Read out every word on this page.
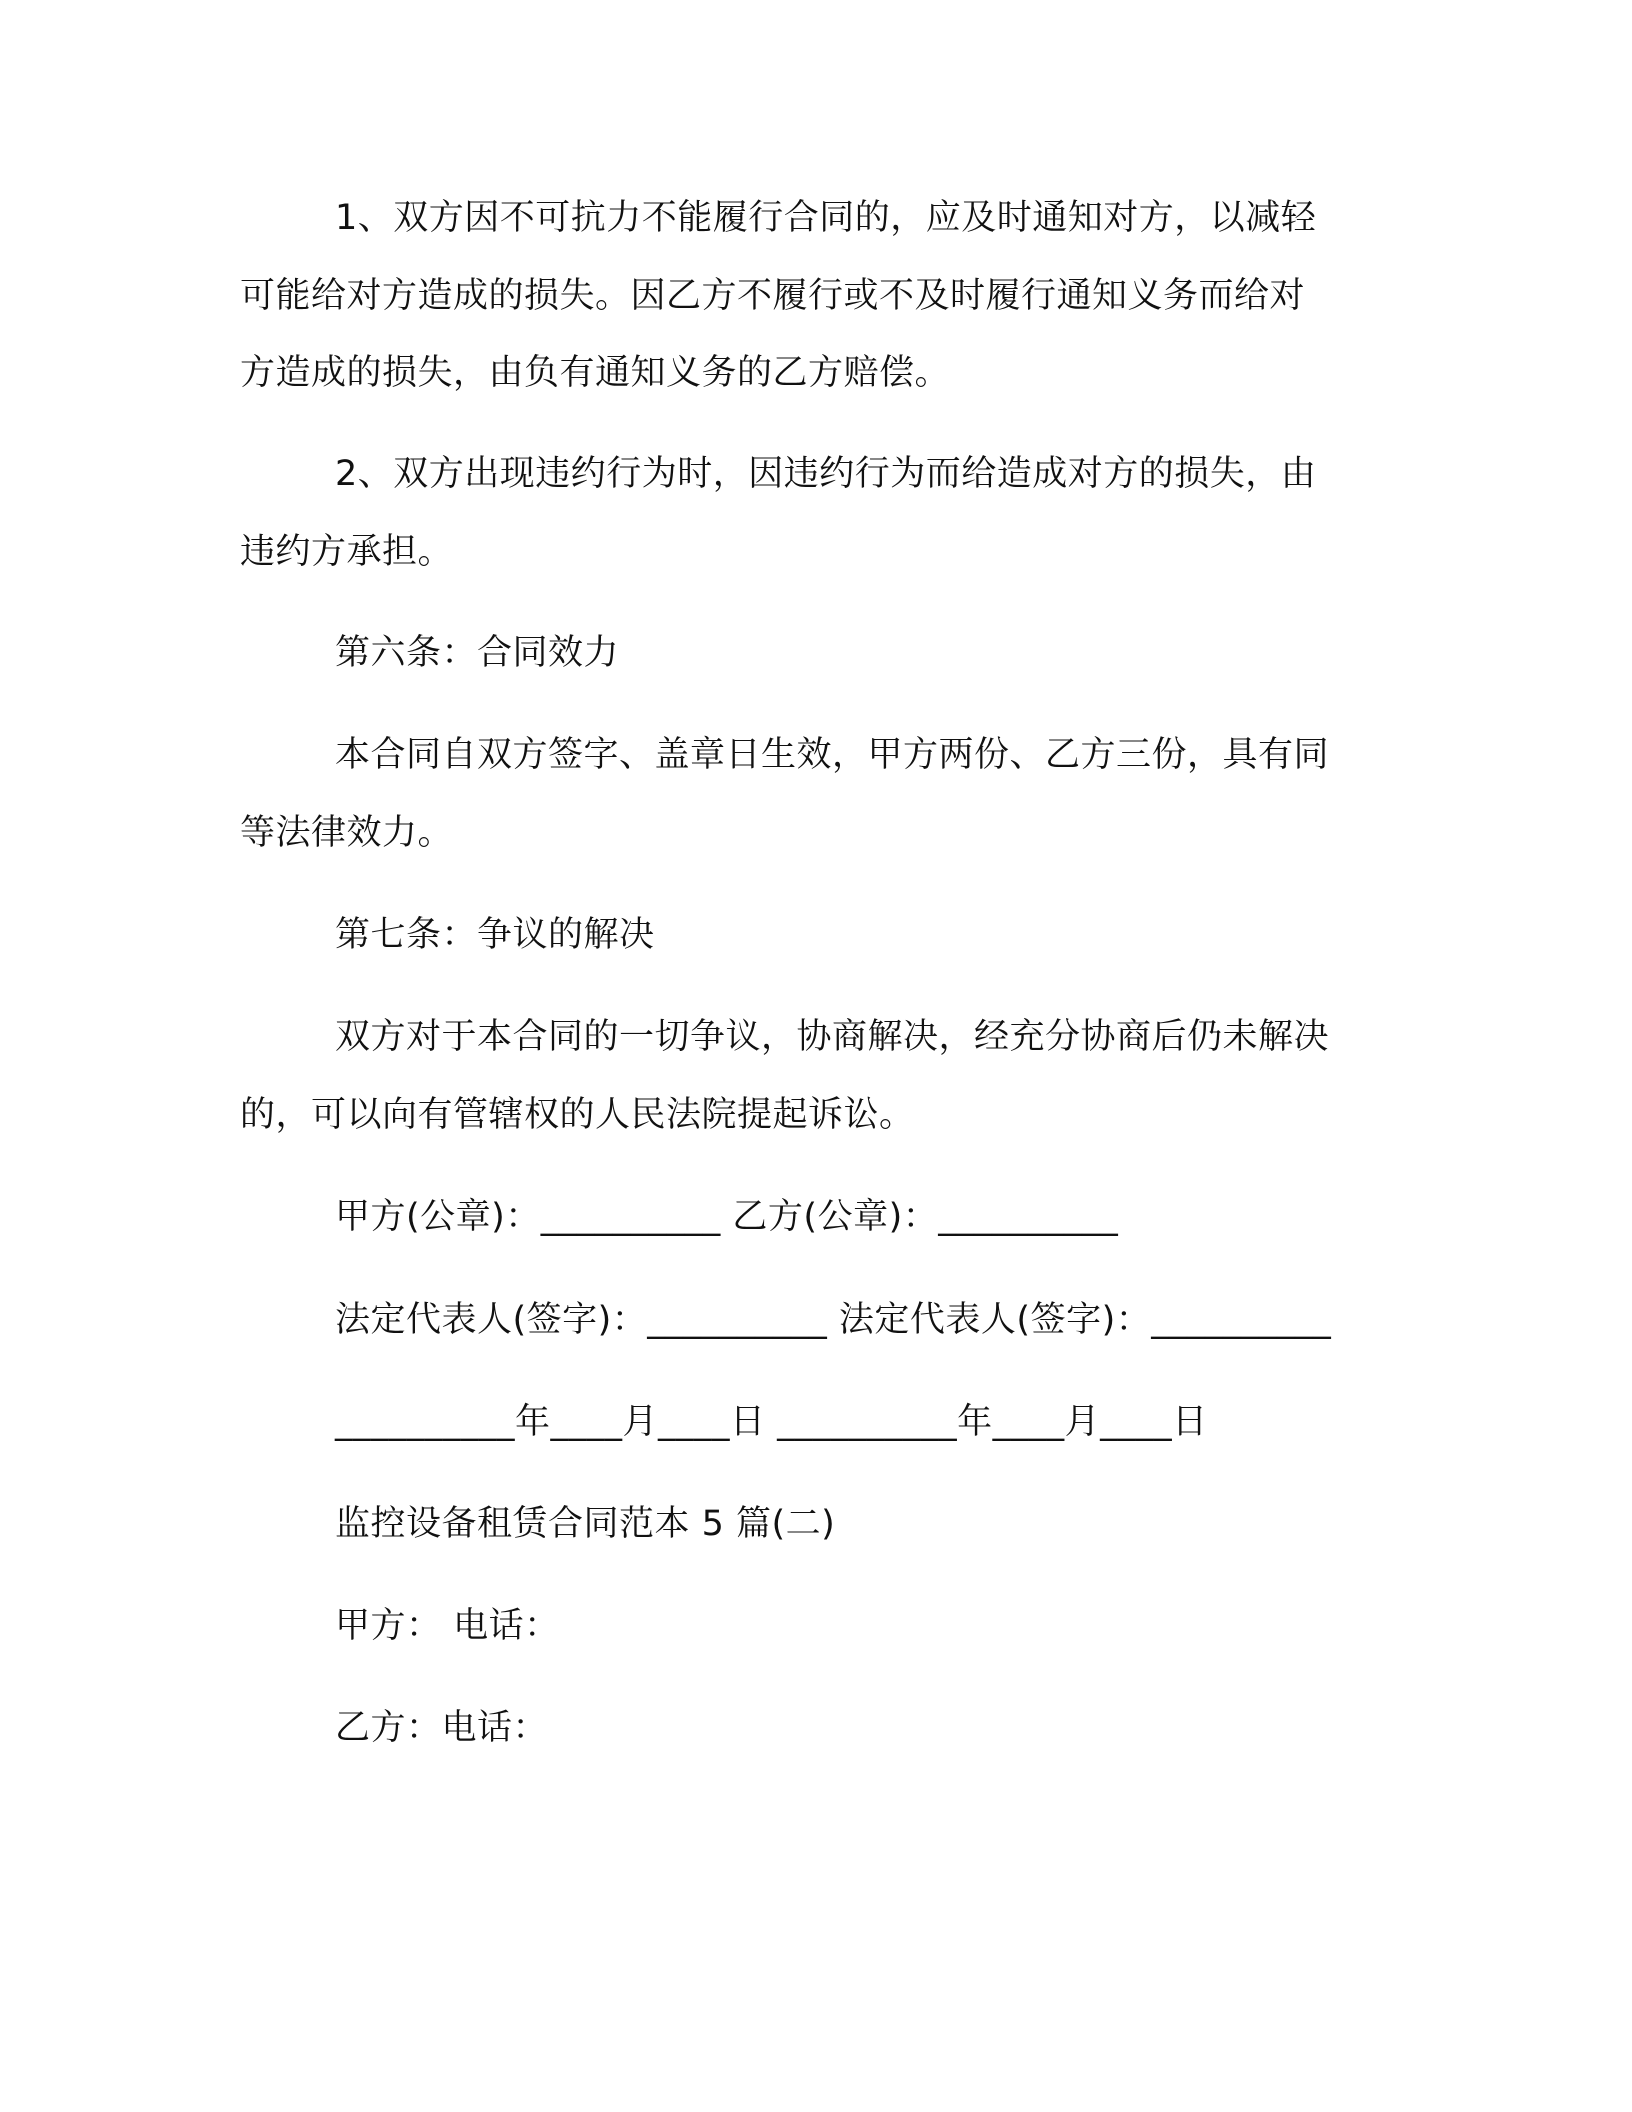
1、双方因不可抗力不能履行合同的，应及时通知对方，以减轻
可能给对方造成的损失。因乙方不履行或不及时履行通知义务而给对
方造成的损失，由负有通知义务的乙方赔偿。
2、双方出现违约行为时，因违约行为而给造成对方的损失，由
违约方承担。
第六条：合同效力
本合同自双方签字、盖章日生效，甲方两份、乙方三份，具有同
等法律效力。
第七条：争议的解决
双方对于本合同的一切争议，协商解决，经充分协商后仍未解决
的，可以向有管辖权的人民法院提起诉讼。
甲方(公章)：__________ 乙方(公章)：__________
法定代表人(签字)：__________ 法定代表人(签字)：__________
__________年____月____日 __________年____月____日
监控设备租赁合同范本 5 篇(二)
甲方： 电话：
乙方：电话：
